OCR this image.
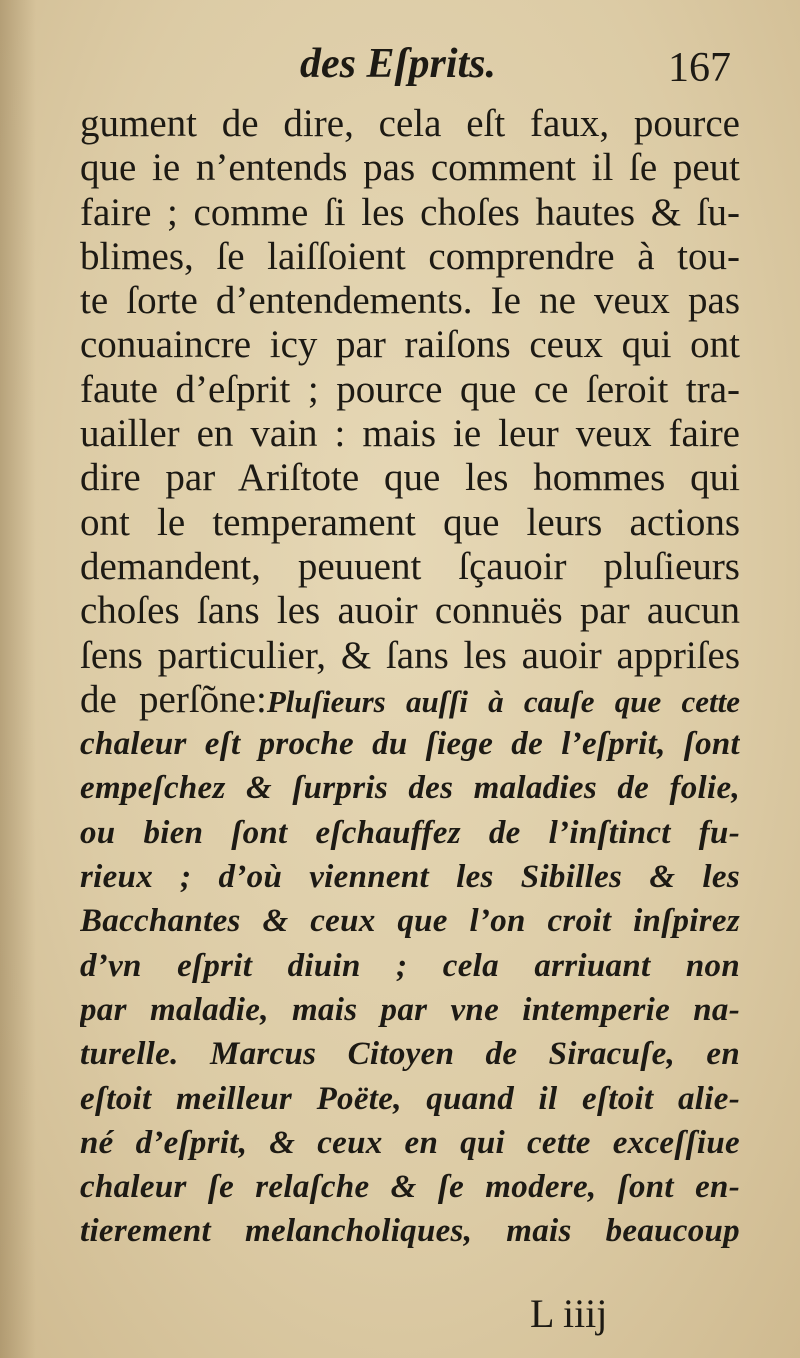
des Eſprits.	167
gument de dire, cela eſt faux, pource
que ie n’entends pas comment il ſe peut
faire ; comme ſi les choſes hautes & ſu-
blimes, ſe laiſſoient comprendre à tou-
te ſorte d’entendements. Ie ne veux pas
conuaincre icy par raiſons ceux qui ont
faute d’eſprit ; pource que ce ſeroit tra-
uailler en vain : mais ie leur veux faire
dire par Ariſtote que les hommes qui
ont le temperament que leurs actions
demandent, peuuent ſçauoir pluſieurs
choſes ſans les auoir connuës par aucun
ſens particulier, & ſans les auoir appriſes
de perſõne:Pluſieurs auſſi à cauſe que cette
chaleur eſt proche du ſiege de l’eſprit, ſont
empeſchez & ſurpris des maladies de folie,
ou bien ſont eſchauffez de l’inſtinct fu-
rieux ; d’où viennent les Sibilles & les
Bacchantes & ceux que l’on croit inſpirez
d’vn eſprit diuin ; cela arriuant non
par maladie, mais par vne intemperie na-
turelle. Marcus Citoyen de Siracuſe, en
eſtoit meilleur Poëte, quand il eſtoit alie-
né d’eſprit, & ceux en qui cette exceſſiue
chaleur ſe relaſche & ſe modere, ſont en-
tierement melancholiques, mais beaucoup
L iiij
